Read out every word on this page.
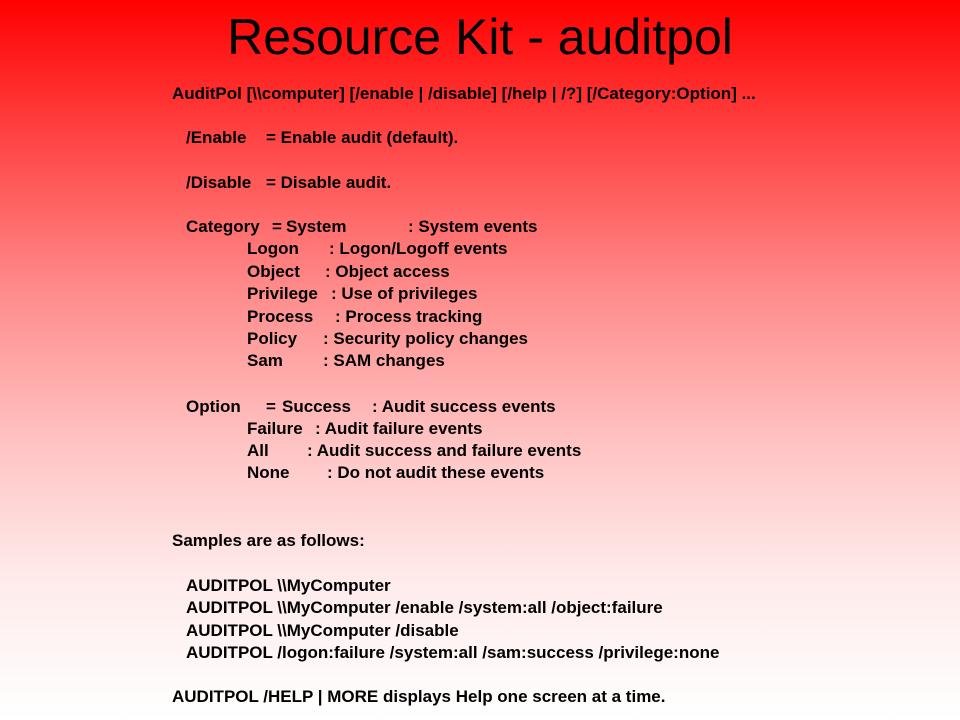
Resource Kit - auditpol
AuditPol [\\computer] [/enable | /disable] [/help | /?] [/Category:Option] ...
/Enable = Enable audit (default).
/Disable = Disable audit.
Category = System	: System events
Logon : Logon/Logoff events
Object : Object access
Privilege : Use of privileges
Process : Process tracking
Policy : Security policy changes
Sam : SAM changes
Option = Success : Audit success events
Failure : Audit failure events
All : Audit success and failure events
None : Do not audit these events
Samples are as follows:
AUDITPOL \\MyComputer
AUDITPOL \\MyComputer /enable /system:all /object:failure
AUDITPOL \\MyComputer /disable
AUDITPOL /logon:failure /system:all /sam:success /privilege:none
AUDITPOL /HELP | MORE displays Help one screen at a time.
